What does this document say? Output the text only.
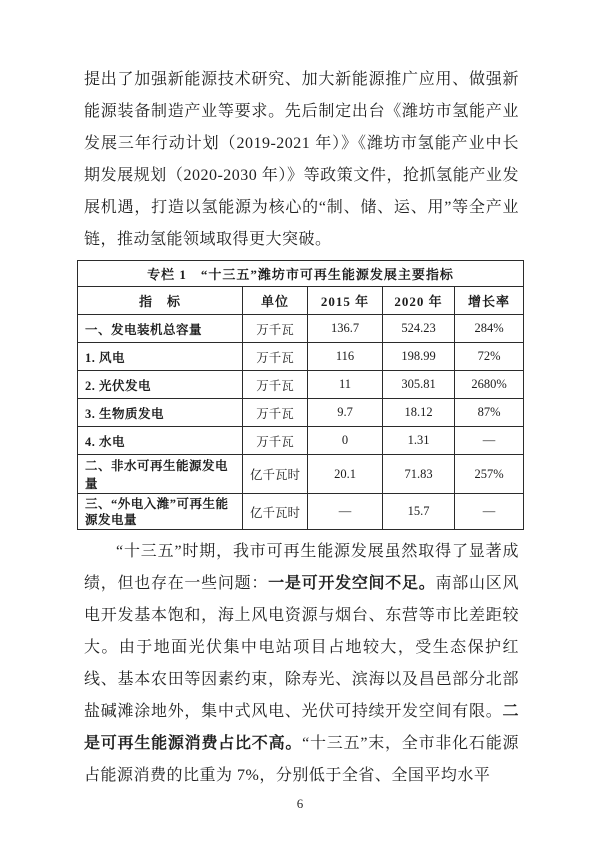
提出了加强新能源技术研究、加大新能源推广应用、做强新能源装备制造产业等要求。先后制定出台《潍坊市氢能产业发展三年行动计划（2019-2021 年）》《潍坊市氢能产业中长期发展规划（2020-2030 年）》等政策文件，抢抓氢能产业发展机遇，打造以氢能源为核心的“制、储、运、用”等全产业链，推动氢能领域取得更大突破。

专栏 1　“十三五”潍坊市可再生能源发展主要指标				
指　标	单位	2015 年	2020 年	增长率
一、发电装机总容量	万千瓦	136.7	524.23	284%
1. 风电	万千瓦	116	198.99	72%
2. 光伏发电	万千瓦	11	305.81	2680%
3. 生物质发电	万千瓦	9.7	18.12	87%
4. 水电	万千瓦	0	1.31	—
二、非水可再生能源发电量	亿千瓦时	20.1	71.83	257%
三、“外电入潍”可再生能源发电量	亿千瓦时	—	15.7	—

“十三五”时期，我市可再生能源发展虽然取得了显著成绩，但也存在一些问题：一是可开发空间不足。南部山区风电开发基本饱和，海上风电资源与烟台、东营等市比差距较大。由于地面光伏集中电站项目占地较大，受生态保护红线、基本农田等因素约束，除寿光、滨海以及昌邑部分北部盐碱滩涂地外，集中式风电、光伏可持续开发空间有限。二是可再生能源消费占比不高。“十三五”末，全市非化石能源占能源消费的比重为 7%，分别低于全省、全国平均水平

6
